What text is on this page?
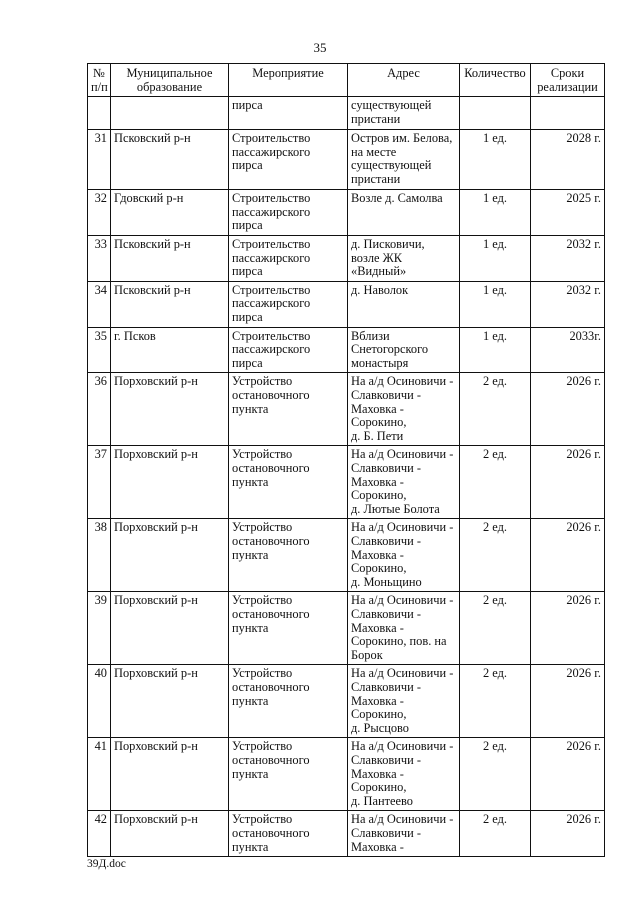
35
№
п/п	Муниципальное
образование	Мероприятие	Адрес	Количество	Сроки
реализации

		пирса	существующей
пристани		

31	Псковский р-н	Строительство
пассажирского
пирса	Остров им. Белова,
на месте
существующей
пристани	1 ед.	2028 г.

32	Гдовский р-н	Строительство
пассажирского
пирса	Возле д. Самолва	1 ед.	2025 г.

33	Псковский р-н	Строительство
пассажирского
пирса	д. Писковичи,
возле ЖК
«Видный»	1 ед.	2032 г.

34	Псковский р-н	Строительство
пассажирского
пирса	д. Наволок	1 ед.	2032 г.

35	г. Псков	Строительство
пассажирского
пирса	Вблизи
Снетогорского
монастыря	1 ед.	2033г.

36	Порховский р-н	Устройство
остановочного
пункта	На а/д Осиновичи -
Славковичи -
Маховка -
Сорокино,
д. Б. Пети	2 ед.	2026 г.

37	Порховский р-н	Устройство
остановочного
пункта	На а/д Осиновичи -
Славковичи -
Маховка -
Сорокино,
д. Лютые Болота	2 ед.	2026 г.

38	Порховский р-н	Устройство
остановочного
пункта	На а/д Осиновичи -
Славковичи -
Маховка -
Сорокино,
д. Моньщино	2 ед.	2026 г.

39	Порховский р-н	Устройство
остановочного
пункта	На а/д Осиновичи -
Славковичи -
Маховка -
Сорокино, пов. на
Борок	2 ед.	2026 г.

40	Порховский р-н	Устройство
остановочного
пункта	На а/д Осиновичи -
Славковичи -
Маховка -
Сорокино,
д. Рысцово	2 ед.	2026 г.

41	Порховский р-н	Устройство
остановочного
пункта	На а/д Осиновичи -
Славковичи -
Маховка -
Сорокино,
д. Пантеево	2 ед.	2026 г.

42	Порховский р-н	Устройство
остановочного
пункта	На а/д Осиновичи -
Славковичи -
Маховка -	2 ед.	2026 г.
39Д.doc
